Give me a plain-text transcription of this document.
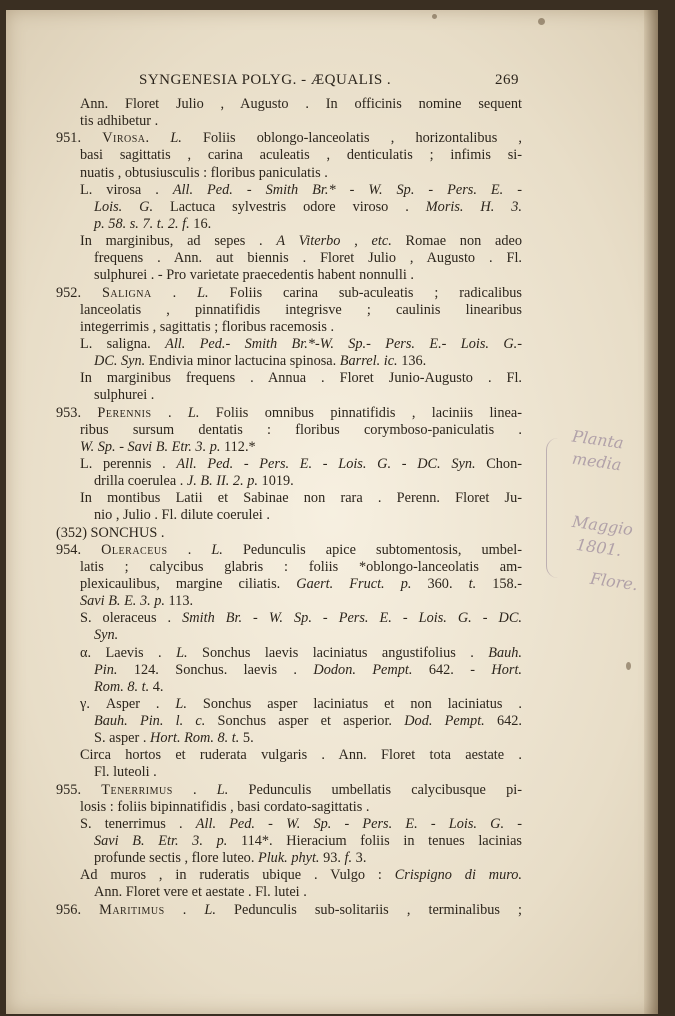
SYNGENESIA POLYG. - ÆQUALIS .	269
Ann. Floret Julio , Augusto . In officinis nomine sequent
tis adhibetur .
951. Virosa. L. Foliis oblongo-lanceolatis , horizontalibus ,
basi sagittatis , carina aculeatis , denticulatis ; infimis si-
nuatis , obtusiusculis : floribus paniculatis .
L. virosa . All. Ped. - Smith Br.* - W. Sp. - Pers. E. -
Lois. G. Lactuca sylvestris odore viroso . Moris. H. 3.
p. 58. s. 7. t. 2. f. 16.
In marginibus, ad sepes . A Viterbo , etc. Romae non adeo
frequens . Ann. aut biennis . Floret Julio , Augusto . Fl.
sulphurei . - Pro varietate praecedentis habent nonnulli .
952. Saligna . L. Foliis carina sub-aculeatis ; radicalibus
lanceolatis , pinnatifidis integrisve ; caulinis linearibus
integerrimis , sagittatis ; floribus racemosis .
L. saligna. All. Ped.- Smith Br.*-W. Sp.- Pers. E.- Lois. G.-
DC. Syn. Endivia minor lactucina spinosa. Barrel. ic. 136.
In marginibus frequens . Annua . Floret Junio-Augusto . Fl.
sulphurei .
953. Perennis . L. Foliis omnibus pinnatifidis , laciniis linea-
ribus sursum dentatis : floribus corymboso-paniculatis .
W. Sp. - Savi B. Etr. 3. p. 112.*
L. perennis . All. Ped. - Pers. E. - Lois. G. - DC. Syn. Chon-
drilla coerulea . J. B. II. 2. p. 1019.
In montibus Latii et Sabinae non rara . Perenn. Floret Ju-
nio , Julio . Fl. dilute coerulei .
(352) SONCHUS .
954. Oleraceus . L. Pedunculis apice subtomentosis, umbel-
latis ; calycibus glabris : foliis *oblongo-lanceolatis am-
plexicaulibus, margine ciliatis. Gaert. Fruct. p. 360. t. 158.-
Savi B. E. 3. p. 113.
S. oleraceus . Smith Br. - W. Sp. - Pers. E. - Lois. G. - DC.
Syn.
α. Laevis . L. Sonchus laevis laciniatus angustifolius . Bauh.
Pin. 124. Sonchus. laevis . Dodon. Pempt. 642. - Hort.
Rom. 8. t. 4.
γ. Asper . L. Sonchus asper laciniatus et non laciniatus .
Bauh. Pin. l. c. Sonchus asper et asperior. Dod. Pempt. 642.
S. asper . Hort. Rom. 8. t. 5.
Circa hortos et ruderata vulgaris . Ann. Floret tota aestate .
Fl. luteoli .
955. Tenerrimus . L. Pedunculis umbellatis calycibusque pi-
losis : foliis bipinnatifidis , basi cordato-sagittatis .
S. tenerrimus . All. Ped. - W. Sp. - Pers. E. - Lois. G. -
Savi B. Etr. 3. p. 114*. Hieracium foliis in tenues lacinias
profunde sectis , flore luteo. Pluk. phyt. 93. f. 3.
Ad muros , in ruderatis ubique . Vulgo : Crispigno di muro.
Ann. Floret vere et aestate . Fl. lutei .
956. Maritimus . L. Pedunculis sub-solitariis , terminalibus ;
Planta
media
Maggio
1801.
Flore.
